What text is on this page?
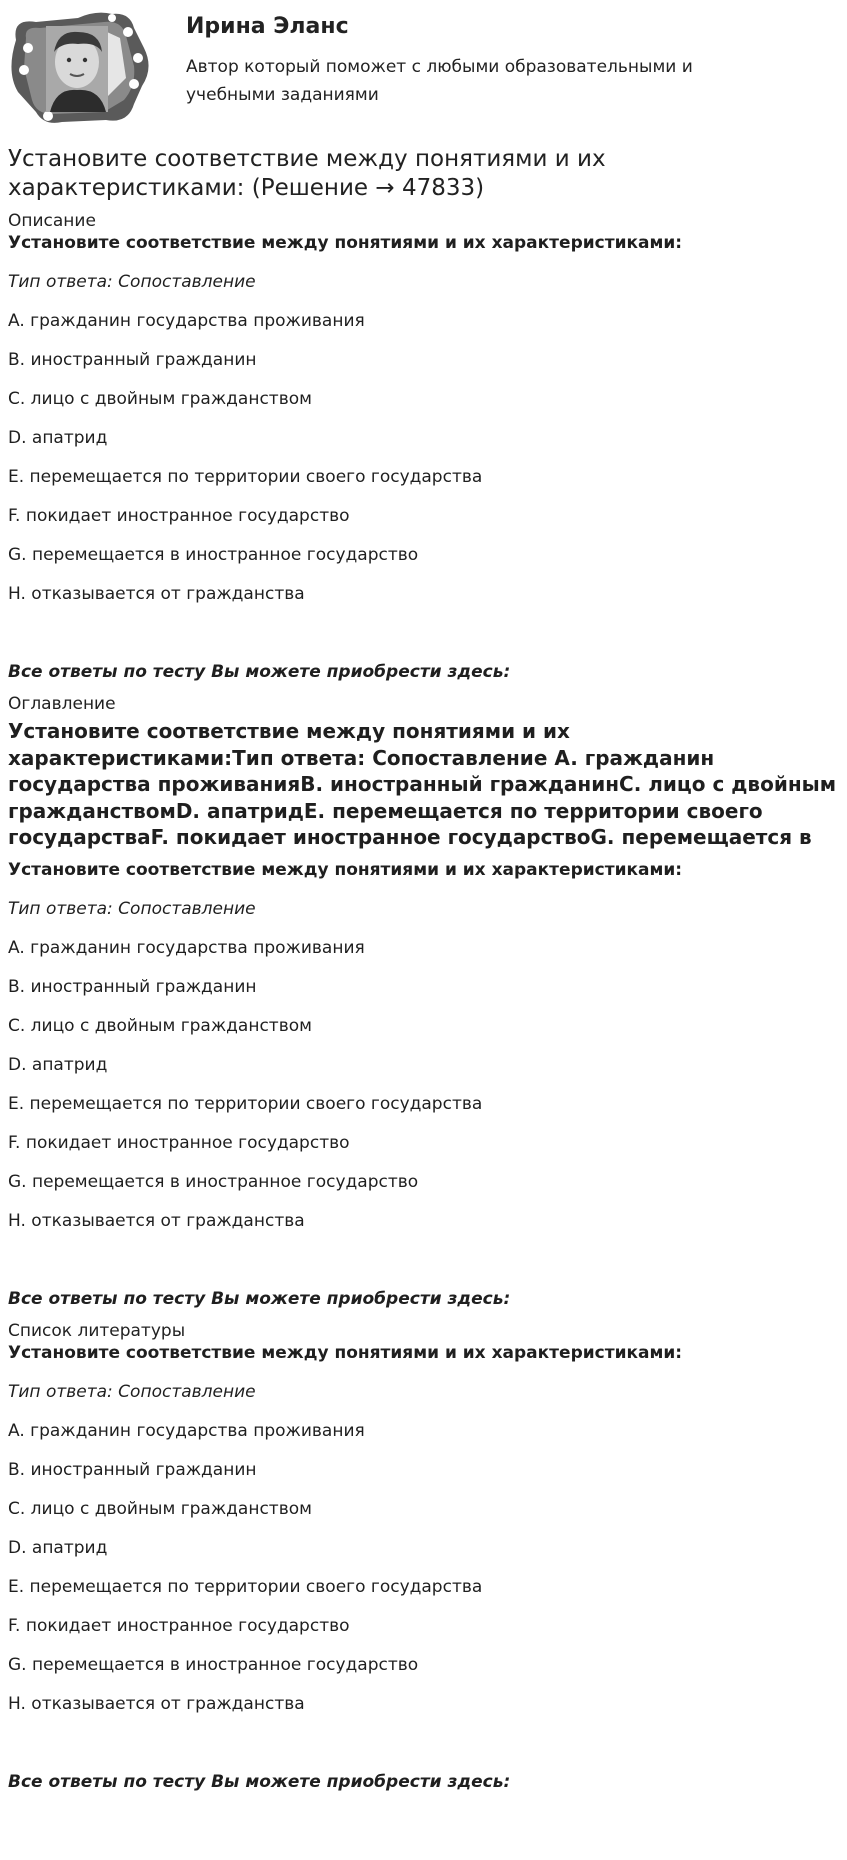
Ирина Эланс
Автор который поможет с любыми образовательными и учебными заданиями
Установите соответствие между понятиями и их характеристиками: (Решение → 47833)

Описание

Установите соответствие между понятиями и их характеристиками:

Тип ответа: Сопоставление

A. гражданин государства проживания

B. иностранный гражданин

C. лицо с двойным гражданством

D. апатрид

E. перемещается по территории своего государства

F. покидает иностранное государство

G. перемещается в иностранное государство

H. отказывается от гражданства

Все ответы по тесту Вы можете приобрести здесь:

Оглавление

Установите соответствие между понятиями и их характеристиками:Тип ответа: Сопоставление A. гражданин государства проживанияB. иностранный гражданинC. лицо с двойным гражданствомD. апатридE. перемещается по территории своего государстваF. покидает иностранное государствоG. перемещается в

Установите соответствие между понятиями и их характеристиками:

Тип ответа: Сопоставление

A. гражданин государства проживания

B. иностранный гражданин

C. лицо с двойным гражданством

D. апатрид

E. перемещается по территории своего государства

F. покидает иностранное государство

G. перемещается в иностранное государство

H. отказывается от гражданства

Все ответы по тесту Вы можете приобрести здесь:

Список литературы

Установите соответствие между понятиями и их характеристиками:

Тип ответа: Сопоставление

A. гражданин государства проживания

B. иностранный гражданин

C. лицо с двойным гражданством

D. апатрид

E. перемещается по территории своего государства

F. покидает иностранное государство

G. перемещается в иностранное государство

H. отказывается от гражданства

Все ответы по тесту Вы можете приобрести здесь:
